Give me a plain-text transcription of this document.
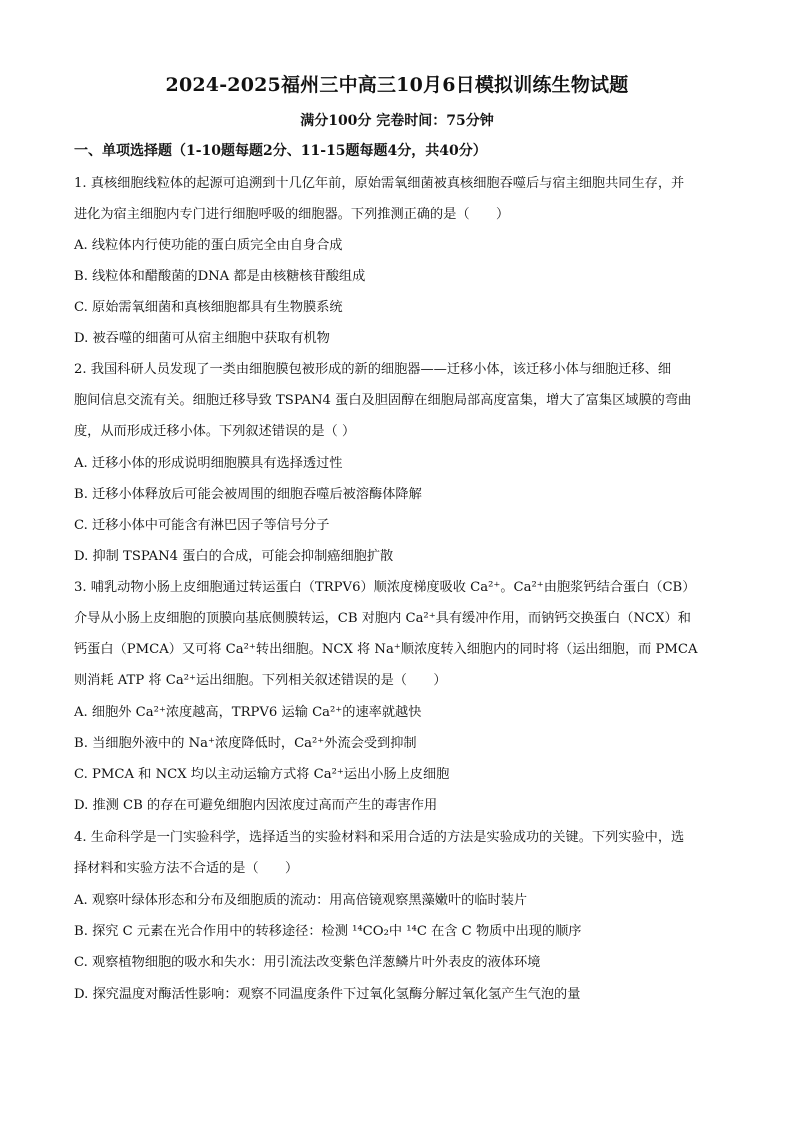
2024-2025福州三中高三10月6日模拟训练生物试题
满分100分 完卷时间：75分钟
一、单项选择题（1-10题每题2分、11-15题每题4分，共40分）
1. 真核细胞线粒体的起源可追溯到十几亿年前，原始需氧细菌被真核细胞吞噬后与宿主细胞共同生存，并
进化为宿主细胞内专门进行细胞呼吸的细胞器。下列推测正确的是（　　）
A. 线粒体内行使功能的蛋白质完全由自身合成
B. 线粒体和醋酸菌的DNA 都是由核糖核苷酸组成
C. 原始需氧细菌和真核细胞都具有生物膜系统
D. 被吞噬的细菌可从宿主细胞中获取有机物
2. 我国科研人员发现了一类由细胞膜包被形成的新的细胞器——迁移小体，该迁移小体与细胞迁移、细
胞间信息交流有关。细胞迁移导致 TSPAN4 蛋白及胆固醇在细胞局部高度富集，增大了富集区域膜的弯曲
度，从而形成迁移小体。下列叙述错误的是（ ）
A. 迁移小体的形成说明细胞膜具有选择透过性
B. 迁移小体释放后可能会被周围的细胞吞噬后被溶酶体降解
C. 迁移小体中可能含有淋巴因子等信号分子
D. 抑制 TSPAN4 蛋白的合成，可能会抑制癌细胞扩散
3. 哺乳动物小肠上皮细胞通过转运蛋白（TRPV6）顺浓度梯度吸收 Ca²⁺。Ca²⁺由胞浆钙结合蛋白（CB）
介导从小肠上皮细胞的顶膜向基底侧膜转运，CB 对胞内 Ca²⁺具有缓冲作用，而钠钙交换蛋白（NCX）和
钙蛋白（PMCA）又可将 Ca²⁺转出细胞。NCX 将 Na⁺顺浓度转入细胞内的同时将（运出细胞，而 PMCA
则消耗 ATP 将 Ca²⁺运出细胞。下列相关叙述错误的是（　　）
A. 细胞外 Ca²⁺浓度越高，TRPV6 运输 Ca²⁺的速率就越快
B. 当细胞外液中的 Na⁺浓度降低时，Ca²⁺外流会受到抑制
C. PMCA 和 NCX 均以主动运输方式将 Ca²⁺运出小肠上皮细胞
D. 推测 CB 的存在可避免细胞内因浓度过高而产生的毒害作用
4. 生命科学是一门实验科学，选择适当的实验材料和采用合适的方法是实验成功的关键。下列实验中，选
择材料和实验方法不合适的是（　　）
A. 观察叶绿体形态和分布及细胞质的流动：用高倍镜观察黑藻嫩叶的临时装片
B. 探究 C 元素在光合作用中的转移途径：检测 ¹⁴CO₂中 ¹⁴C 在含 C 物质中出现的顺序
C. 观察植物细胞的吸水和失水：用引流法改变紫色洋葱鳞片叶外表皮的液体环境
D. 探究温度对酶活性影响：观察不同温度条件下过氧化氢酶分解过氧化氢产生气泡的量
